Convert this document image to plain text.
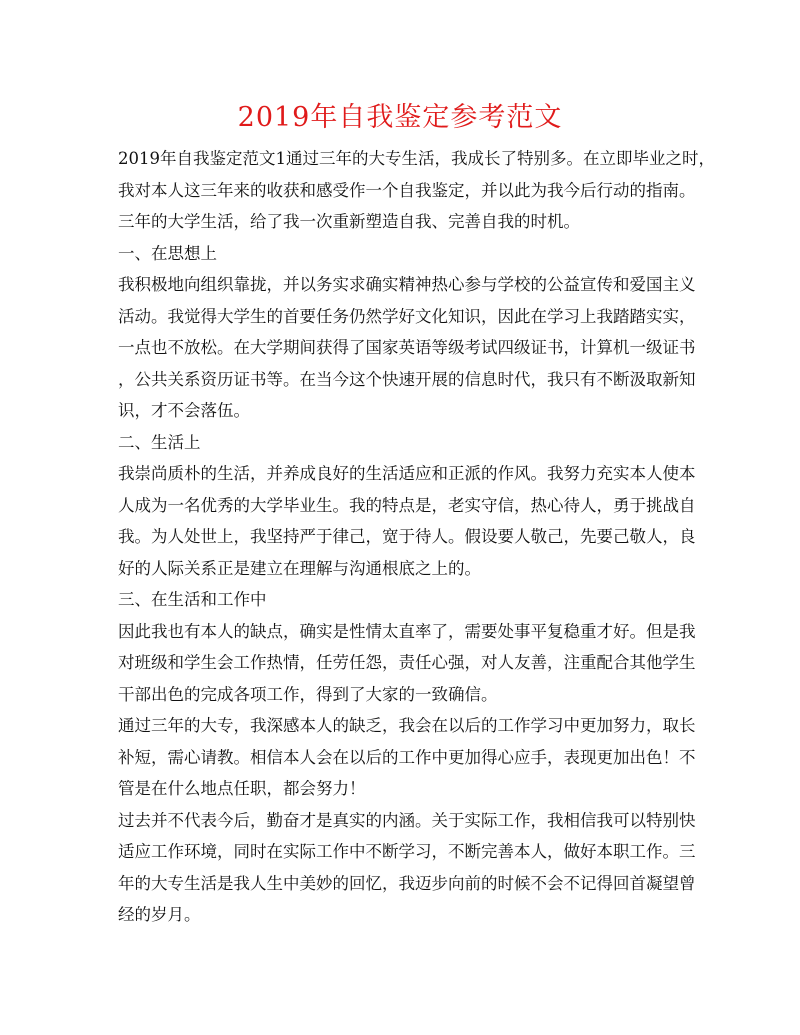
2019年自我鉴定参考范文
2019年自我鉴定范文1通过三年的大专生活，我成长了特别多。在立即毕业之时，
我对本人这三年来的收获和感受作一个自我鉴定，并以此为我今后行动的指南。
三年的大学生活，给了我一次重新塑造自我、完善自我的时机。
一、在思想上
我积极地向组织靠拢，并以务实求确实精神热心参与学校的公益宣传和爱国主义
活动。我觉得大学生的首要任务仍然学好文化知识，因此在学习上我踏踏实实，
一点也不放松。在大学期间获得了国家英语等级考试四级证书，计算机一级证书
，公共关系资历证书等。在当今这个快速开展的信息时代，我只有不断汲取新知
识，才不会落伍。
二、生活上
我崇尚质朴的生活，并养成良好的生活适应和正派的作风。我努力充实本人使本
人成为一名优秀的大学毕业生。我的特点是，老实守信，热心待人，勇于挑战自
我。为人处世上，我坚持严于律己，宽于待人。假设要人敬己，先要己敬人，良
好的人际关系正是建立在理解与沟通根底之上的。
三、在生活和工作中
因此我也有本人的缺点，确实是性情太直率了，需要处事平复稳重才好。但是我
对班级和学生会工作热情，任劳任怨，责任心强，对人友善，注重配合其他学生
干部出色的完成各项工作，得到了大家的一致确信。
通过三年的大专，我深感本人的缺乏，我会在以后的工作学习中更加努力，取长
补短，需心请教。相信本人会在以后的工作中更加得心应手，表现更加出色！不
管是在什么地点任职，都会努力！
过去并不代表今后，勤奋才是真实的内涵。关于实际工作，我相信我可以特别快
适应工作环境，同时在实际工作中不断学习，不断完善本人，做好本职工作。三
年的大专生活是我人生中美妙的回忆，我迈步向前的时候不会不记得回首凝望曾
经的岁月。
